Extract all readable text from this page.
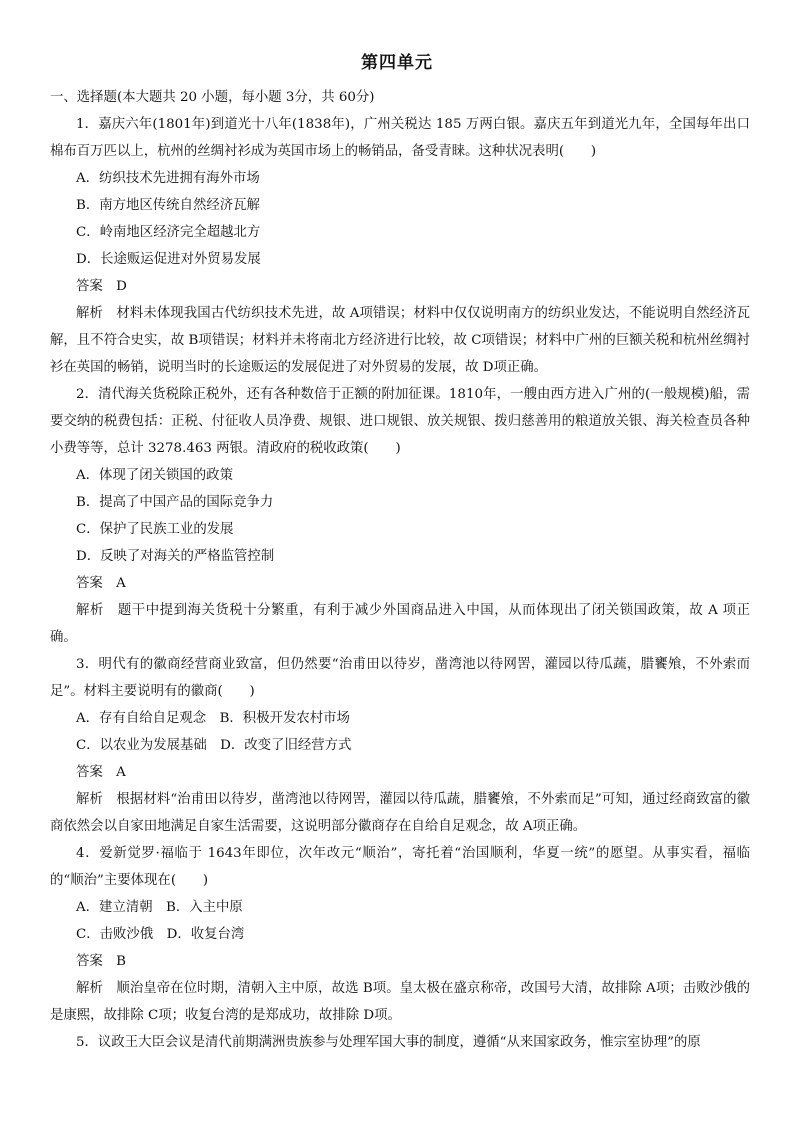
第四单元

一、选择题(本大题共 20 小题，每小题 3分，共 60分)

1．嘉庆六年(1801年)到道光十八年(1838年)，广州关税达 185 万两白银。嘉庆五年到道光九年，全国每年出口棉布百万匹以上，杭州的丝绸衬衫成为英国市场上的畅销品，备受青睐。这种状况表明(　　)

A．纺织技术先进拥有海外市场

B．南方地区传统自然经济瓦解

C．岭南地区经济完全超越北方

D．长途贩运促进对外贸易发展

答案　D

解析　材料未体现我国古代纺织技术先进，故 A项错误；材料中仅仅说明南方的纺织业发达，不能说明自然经济瓦解，且不符合史实，故 B项错误；材料并未将南北方经济进行比较，故 C项错误；材料中广州的巨额关税和杭州丝绸衬衫在英国的畅销，说明当时的长途贩运的发展促进了对外贸易的发展，故 D项正确。

2．清代海关货税除正税外，还有各种数倍于正额的附加征课。1810年，一艘由西方进入广州的(一般规模)船，需要交纳的税费包括：正税、付征收人员净费、规银、进口规银、放关规银、拨归慈善用的粮道放关银、海关检查员各种小费等等，总计 3278.463 两银。清政府的税收政策(　　)

A．体现了闭关锁国的政策

B．提高了中国产品的国际竞争力

C．保护了民族工业的发展

D．反映了对海关的严格监管控制

答案　A

解析　题干中提到海关货税十分繁重，有利于减少外国商品进入中国，从而体现出了闭关锁国政策，故 A 项正确。

3．明代有的徽商经营商业致富，但仍然要“治甫田以待岁，凿湾池以待网罟，灌园以待瓜蔬，腊饔飧，不外索而足”。材料主要说明有的徽商(　　)

A．存有自给自足观念　B．积极开发农村市场

C．以农业为发展基础　D．改变了旧经营方式

答案　A

解析　根据材料“治甫田以待岁，凿湾池以待网罟，灌园以待瓜蔬，腊饔飧，不外索而足”可知，通过经商致富的徽商依然会以自家田地满足自家生活需要，这说明部分徽商存在自给自足观念，故 A项正确。

4．爱新觉罗·福临于 1643年即位，次年改元“顺治”，寄托着“治国顺利，华夏一统”的愿望。从事实看，福临的“顺治”主要体现在(　　)

A．建立清朝　B．入主中原

C．击败沙俄　D．收复台湾

答案　B

解析　顺治皇帝在位时期，清朝入主中原，故选 B项。皇太极在盛京称帝，改国号大清，故排除 A项；击败沙俄的是康熙，故排除 C项；收复台湾的是郑成功，故排除 D项。

5．议政王大臣会议是清代前期满洲贵族参与处理军国大事的制度，遵循“从来国家政务，惟宗室协理”的原
